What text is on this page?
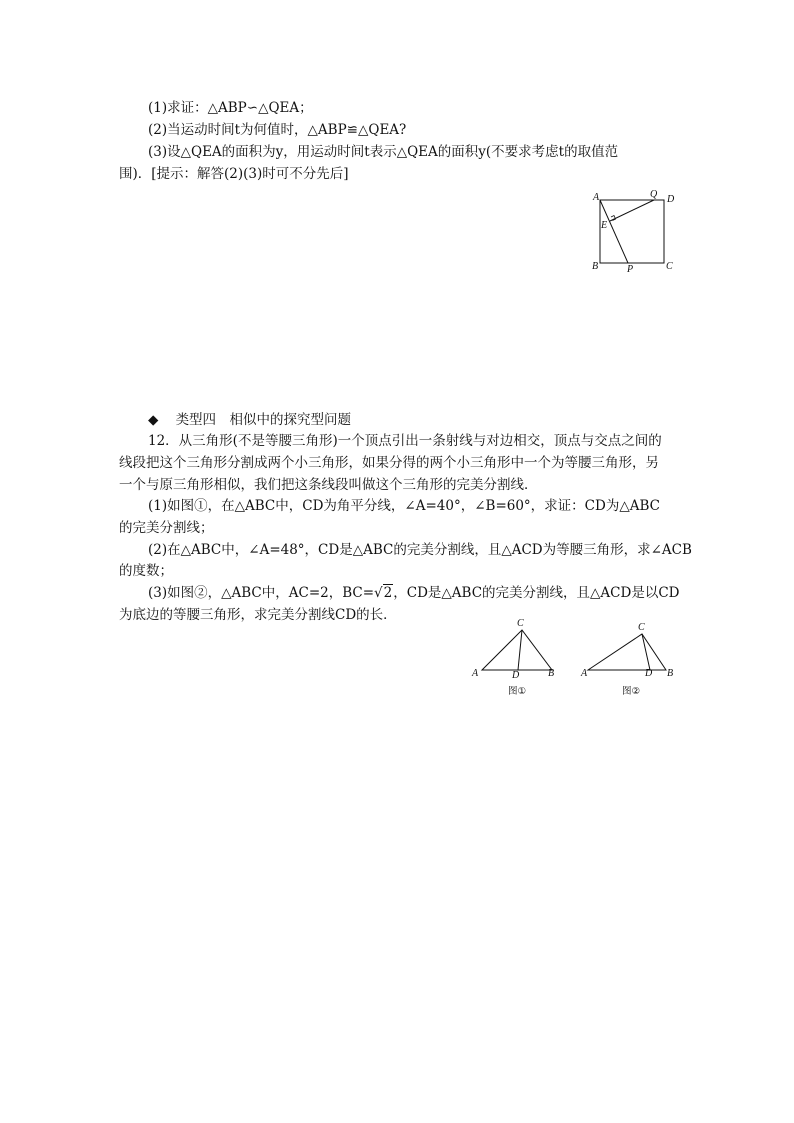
(1)求证：△ABP∽△QEA；
(2)当运动时间t为何值时，△ABP≌△QEA?
(3)设△QEA的面积为y，用运动时间t表示△QEA的面积y(不要求考虑t的取值范
围)．[提示：解答(2)(3)时可不分先后]
A	Q D
E
B	P	C
◆ 类型四　相似中的探究型问题
12．从三角形(不是等腰三角形)一个顶点引出一条射线与对边相交，顶点与交点之间的
线段把这个三角形分割成两个小三角形，如果分得的两个小三角形中一个为等腰三角形，另
一个与原三角形相似，我们把这条线段叫做这个三角形的完美分割线．
(1)如图①，在△ABC中，CD为角平分线，∠A=40°，∠B=60°，求证：CD为△ABC
的完美分割线；
(2)在△ABC中，∠A=48°，CD是△ABC的完美分割线，且△ACD为等腰三角形，求∠ACB
的度数；
(3)如图②，△ABC中，AC=2，BC=√2，CD是△ABC的完美分割线，且△ACD是以CD
为底边的等腰三角形，求完美分割线CD的长．
A	B
C
D
图①
A	B
C
D
图②
